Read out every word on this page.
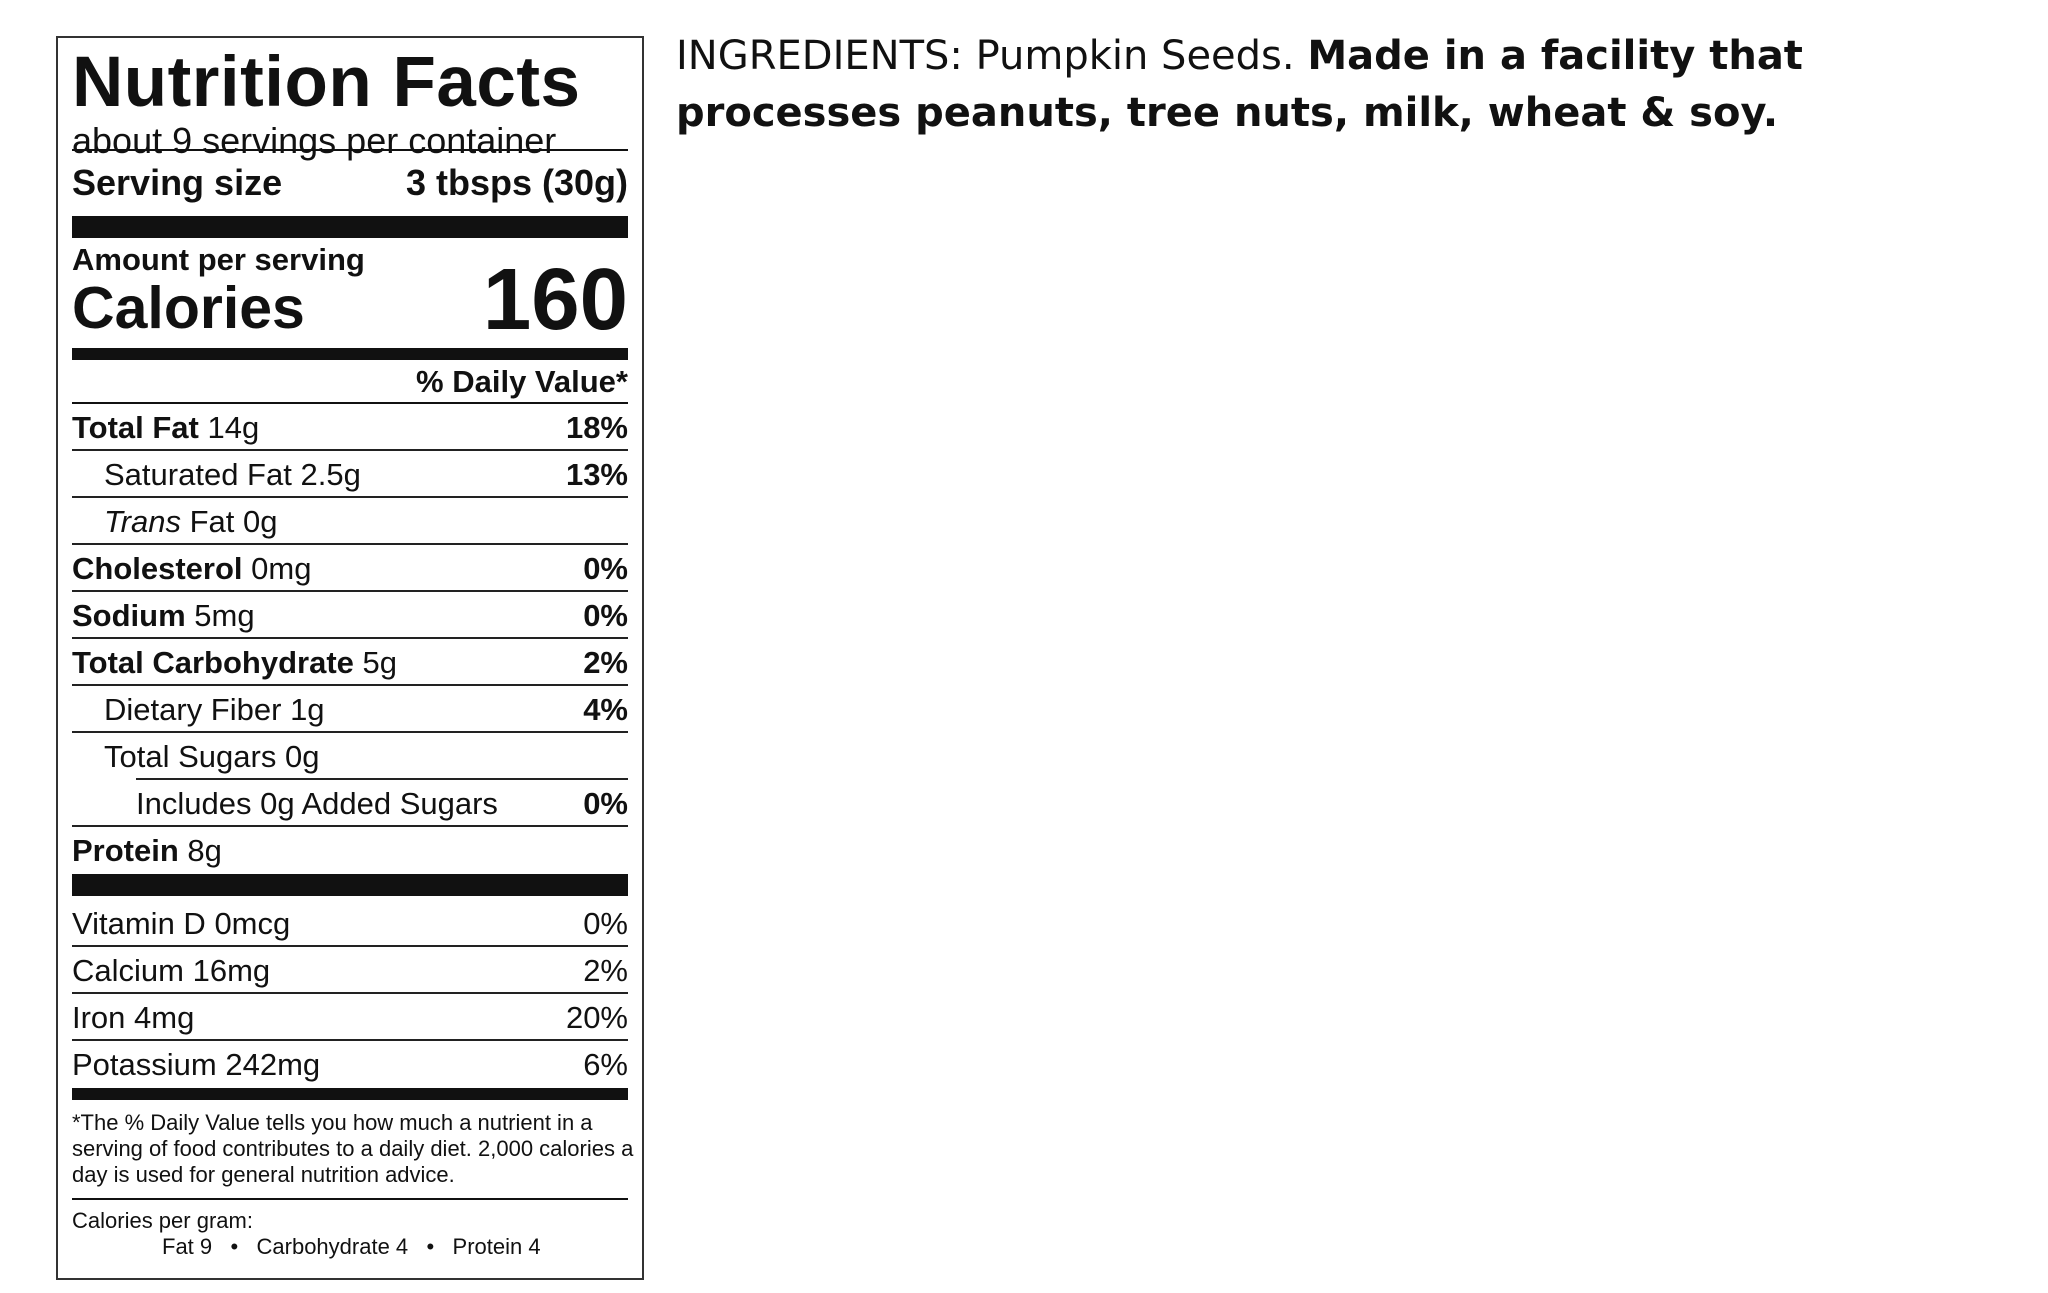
Nutrition Facts
about 9 servings per container
Serving size	3 tbsps (30g)
Amount per serving
Calories 160
% Daily Value*
Total Fat 14g	18%
Saturated Fat 2.5g	13%
Trans Fat 0g
Cholesterol 0mg	0%
Sodium 5mg	0%
Total Carbohydrate 5g	2%
Dietary Fiber 1g	4%
Total Sugars 0g
Includes 0g Added Sugars	0%
Protein 8g
Vitamin D 0mcg	0%
Calcium 16mg	2%
Iron 4mg	20%
Potassium 242mg	6%
*The % Daily Value tells you how much a nutrient in a
serving of food contributes to a daily diet. 2,000 calories a
day is used for general nutrition advice.
Calories per gram:
Fat 9   •   Carbohydrate 4   •   Protein 4
INGREDIENTS: Pumpkin Seeds. Made in a facility that processes peanuts, tree nuts, milk, wheat & soy.
